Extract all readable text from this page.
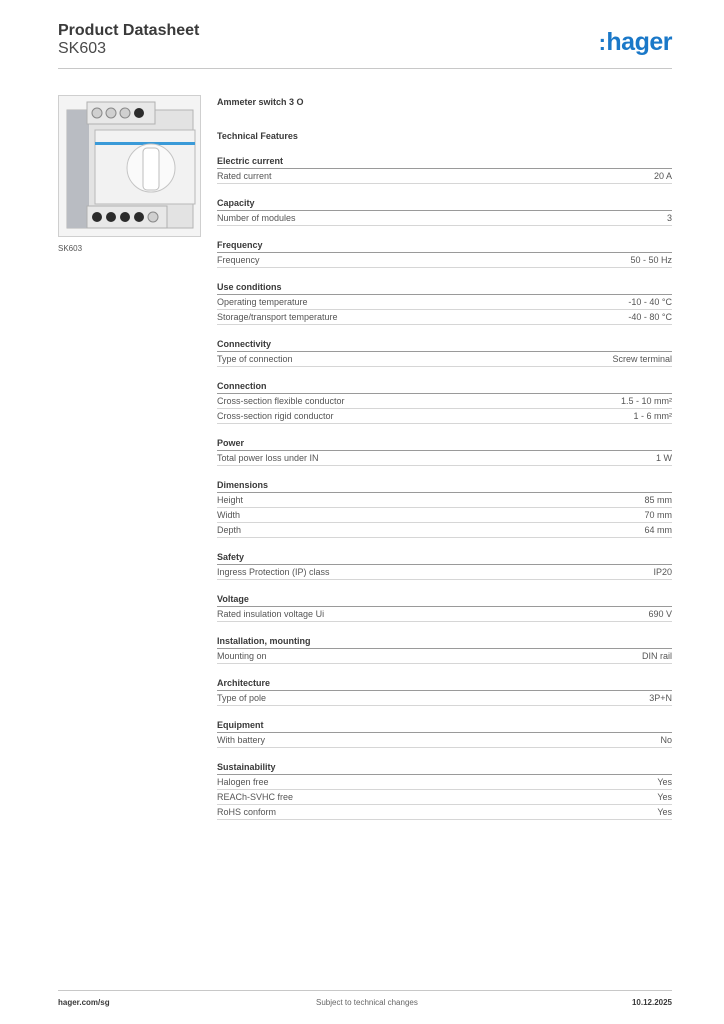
Product Datasheet
SK603	:hager
SK603
Ammeter switch 3 O
Technical Features
Electric current
Rated current	20 A
Capacity
Number of modules	3
Frequency
Frequency	50 - 50 Hz
Use conditions
Operating temperature	-10 - 40 °C
Storage/transport temperature	-40 - 80 °C
Connectivity
Type of connection	Screw terminal
Connection
Cross-section flexible conductor	1.5 - 10 mm²
Cross-section rigid conductor	1 - 6 mm²
Power
Total power loss under IN	1 W
Dimensions
Height	85 mm
Width	70 mm
Depth	64 mm
Safety
Ingress Protection (IP) class	IP20
Voltage
Rated insulation voltage Ui	690 V
Installation, mounting
Mounting on	DIN rail
Architecture
Type of pole	3P+N
Equipment
With battery	No
Sustainability
Halogen free	Yes
REACh-SVHC free	Yes
RoHS conform	Yes
hager.com/sg	Subject to technical changes	10.12.2025
